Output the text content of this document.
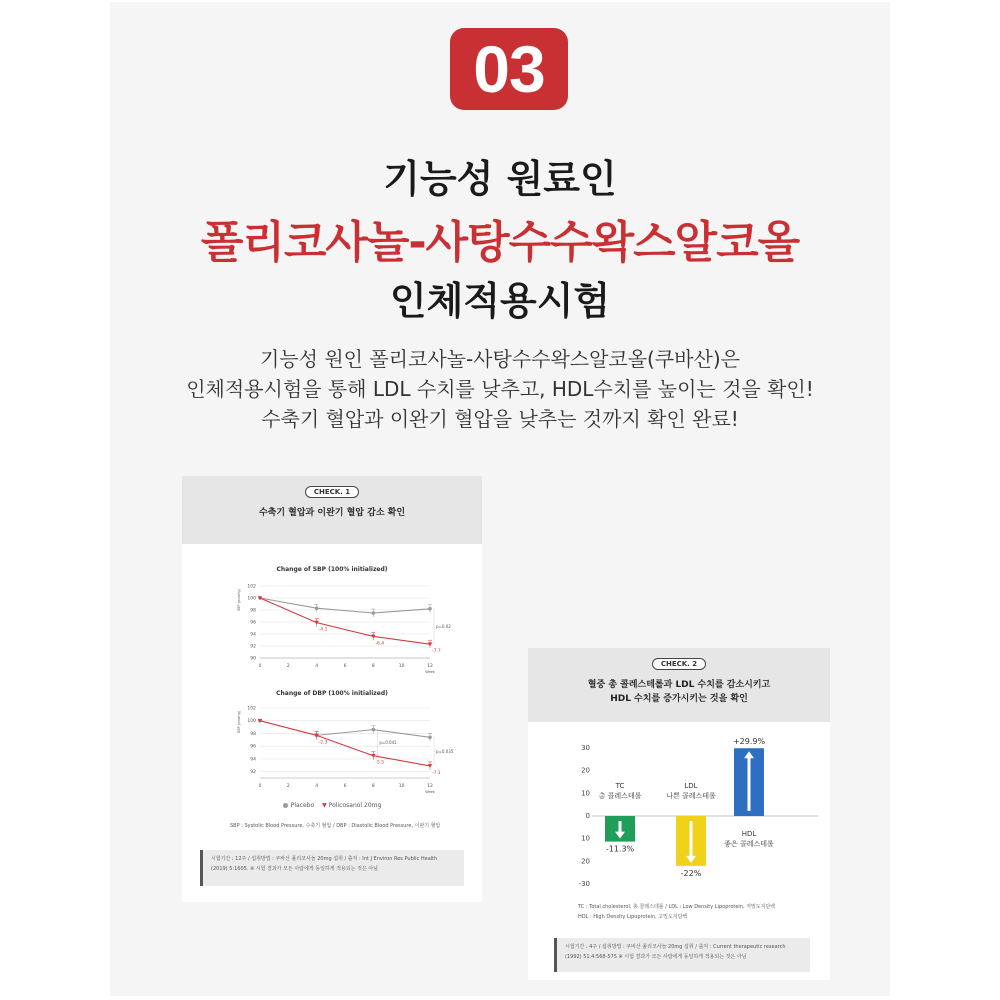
03
기능성 원료인
폴리코사놀-사탕수수왁스알코올
인체적용시험
기능성 원인 폴리코사놀-사탕수수왁스알코올(쿠바산)은
인체적용시험을 통해 LDL 수치를 낮추고, HDL수치를 높이는 것을 확인!
수축기 혈압과 이완기 혈압을 낮추는 것까지 확인 완료!
CHECK. 1
수축기 혈압과 이완기 혈압 감소 확인
Change of SBP (100% initialized)
90
92
94
96
98
100
102
0	2	4	6	8	10	12
Week
SBP (mmHg)
-4.1
-6.4
-7.7
p=0.02
Change of DBP (100% initialized)
92
94
96
98
100
102
0	2	4	6	8	10	12
Week
DBP (mmHg)
-2.3
-5.5
-7.1
p=0.041
p=0.035
Placebo ▼ Policosanol 20mg
SBP : Systolic Blood Pressure, 수축기 혈압 / DBP : Diastolic Blood Pressure, 이완기 혈압
시험기간 : 12주 / 섭취방법 : 쿠바산 폴리코사놀 20mg 섭취 / 출처 : Int J Environ Res Public Health
(2019) 5:1605. ※ 시험 결과가 모든 사람에게 동일하게 적용되는 것은 아님
CHECK. 2
혈중 총 콜레스테롤과 LDL 수치를 감소시키고
HDL 수치를 증가시키는 것을 확인
30
20
10
0
10
20
-30
-11.3%
TC
총 콜레스테롤
-22%
LDL
나쁜 콜레스테롤
+29.9%
HDL
좋은 콜레스테롤
TC : Total cholesterol, 총 콜레스테롤 / LDL : Low Density Lipoprotein, 저밀도지단백
HDL : High Density Lipoprotein, 고밀도지단백
시험기간 : 4주 / 섭취방법 : 쿠바산 폴리코사놀 20mg 섭취 / 출처 : Current therapeutic research
(1992) 51.4:568-575 ※ 시험 결과가 모든 사람에게 동일하게 적용되는 것은 아님
